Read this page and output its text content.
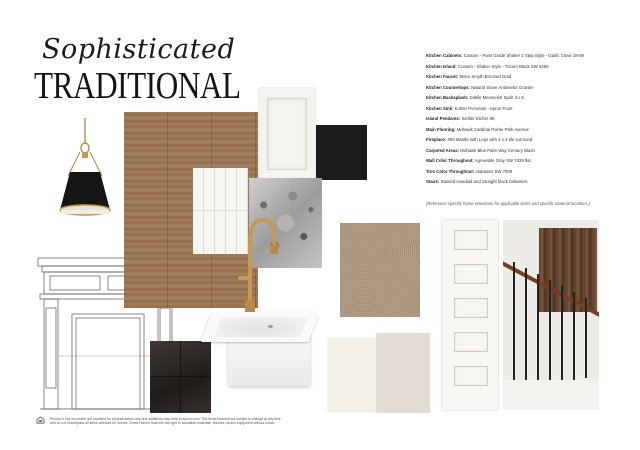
Sophisticated
TRADITIONAL
Kitchen Cabinets: Custom - Paint Grade Shaker 2 Step Style - Garlic Clove 18-09
Kitchen Island: Custom - Shaker Style - Tricorn Black SW 6258
Kitchen Faucet: Moen Smyth Bronzed Gold
Kitchen Countertops: Natural Stone Antoinette Granite
Kitchen Backsplash: Daltile Mesmerist Spirit 3 x 6
Kitchen Sink: Kohler Porcelain - Apron Front
Island Pendants: Kichler Etcher 8K
Main Flooring: Mohawk Cardinal Pointe Park Avenue
Fireplace: #59 Mantle with Legs with 4 x 4 tile surround
Carpeted Areas: Mohawk Blue Palm Way Century Blush
Wall Color Throughout: Agreeable Gray SW 7029 flat
Trim Color Throughout: Alabaster SW 7008
Stairs: Stained Handrail and Straight black ballusters
(Reference specific home selections for applicable items and specific material locations.)
Photos in this document are provided for representation only and variations may exist in actual color. The items featured are subject to change at any time
and do not encompass all items selected for homes. Drees Homes reserves the right to substitute materials, finishes, and/or equipment without notice.
